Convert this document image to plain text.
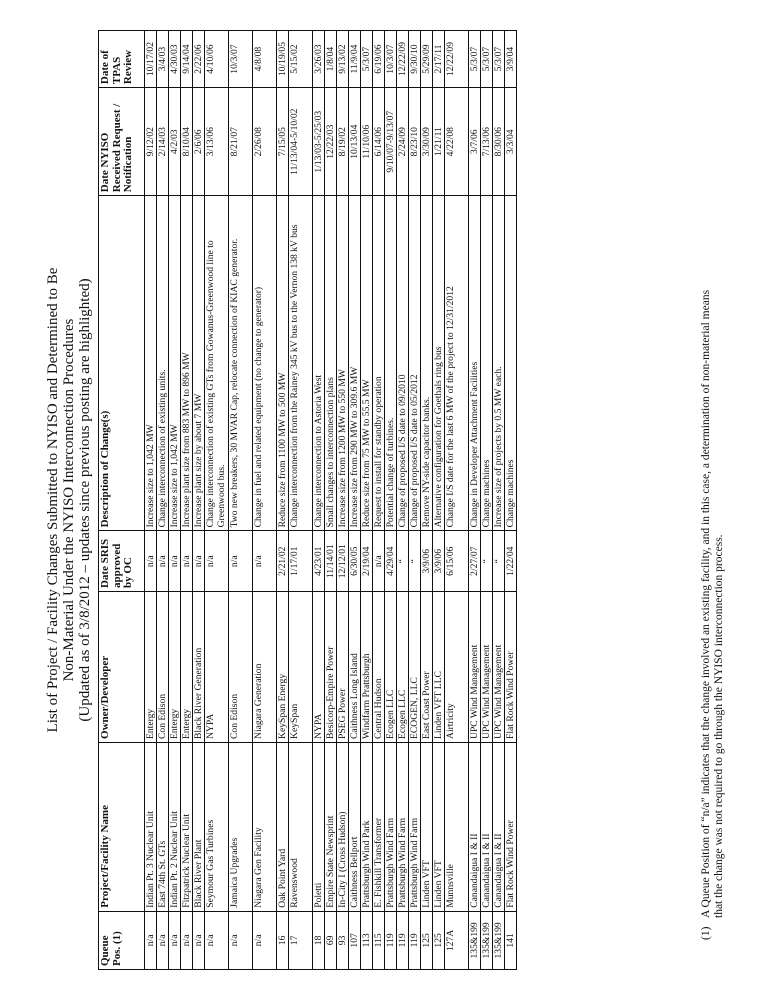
List of Project / Facility Changes Submitted to NYISO and Determined to Be Non-Material Under the NYISO Interconnection Procedures (Updated as of 3/8/2012 – updates since previous posting are highlighted)
Queue Pos. (1)	Project/Facility Name	Owner/Developer	Date SRIS approved by OC	Description of Change(s)	Date NYISO Received Request / Notification	Date of TPAS Review
n/a	Indian Pt. 3 Nuclear Unit	Entergy	n/a	Increase size to 1,042 MW	9/12/02	10/17/02
n/a	East 74th St. GTs	Con Edison	n/a	Change interconnection of existing units.	2/14/03	3/4/03
n/a	Indian Pt. 2 Nuclear Unit	Entergy	n/a	Increase size to 1,042 MW	4/2/03	4/30/03
n/a	Fitzpatrick Nuclear Unit	Entergy	n/a	Increase plant size from 883 MW to 896 MW	8/10/04	9/14/04
n/a	Black River Plant	Black River Generation	n/a	Increase plant size by about 7 MW	2/6/06	2/22/06
n/a	Seymour Gas Turbines	NYPA	n/a	Change interconnection of existing GTs from Gowanus-Greenwood line to Greenwood bus.	3/13/06	4/10/06
n/a	Jamaica Upgrades	Con Edison	n/a	Two new breakers, 30 MVAR Cap, relocate connection of KIAC generator.	8/21/07	10/3/07
n/a	Niagara Gen Facility	Niagara Generation	n/a	Change in fuel and related equipment (no change to generator)	2/26/08	4/8/08
16	Oak Point Yard	KeySpan Energy	2/21/02	Reduce size from 1100 MW to 500 MW	7/15/05	10/19/05
17	Ravenswood	KeySpan	1/17/01	Change interconnection from the Rainey 345 kV bus to the Vernon 138 kV bus	11/13/04-5/10/02	5/15/02
18	Poletti	NYPA	4/23/01	Change interconnection to Astoria West	1/13/03-5/25/03	3/26/03
69	Empire State Newsprint	Besicorp-Empire Power	11/14/01	Small changes to interconnection plans	12/22/03	1/8/04
93	In-City I (Cross Hudson)	PSEG Power	12/12/01	Increase size from 1200 MW to 550 MW	8/19/02	9/13/02
107	Caithness Bellport	Caithness Long Island	6/30/05	Increase size from 290 MW to 309.6 MW	10/13/04	11/9/04
113	Prattsburgh Wind Park	Windfarm Prattsburgh	2/19/04	Reduce size from 75 MW to 55.5 MW	11/10/06	5/3/07
115	E. Fishkill Transformer	Central Hudson	n/a	Request to install for standby operation	6/14/06	6/19/06
119	Prattsburgh Wind Farm	Ecogen LLC	4/29/04	Potential change of turbines.	9/10/07-9/13/07	10/3/07
119	Prattsburgh Wind Farm	Ecogen LLC	“	Change of proposed I/S date to 09/2010	2/24/09	12/22/09
119	Prattsburgh Wind Farm	ECOGEN, LLC	“	Change of proposed I/S date to 05/2012	8/23/10	9/30/10
125	Linden VFT	East Coast Power	3/9/06	Remove NY-side capacitor banks.	3/30/09	5/29/09
125	Linden VFT	Linden VFT LLC	3/9/06	Alternative configuration for Goethals ring bus	1/21/11	2/17/11
127A	Munnsville	Airtricity	6/15/06	Change I/S date for the last 6 MW of the project to 12/31/2012	4/22/08	12/22/09
135&199	Canandaigua I & II	UPC Wind Management	2/27/07	Change in Developer Attachment Facilities	3/7/06	5/3/07
135&199	Canandaigua I & II	UPC Wind Management	“	Change machines	7/13/06	5/3/07
135&199	Canandaigua I & II	UPC Wind Management	“	Increase size of projects by 0.5 MW each.	8/30/06	5/3/07
141	Flat Rock Wind Power	Flat Rock Wind Power	1/22/04	Change machines	3/3/04	3/9/04
(1)A Queue Position of “n/a” indicates that the change involved an existing facility, and in this case, a determination of non-material means that the change was not required to go through the NYISO interconnection process.
